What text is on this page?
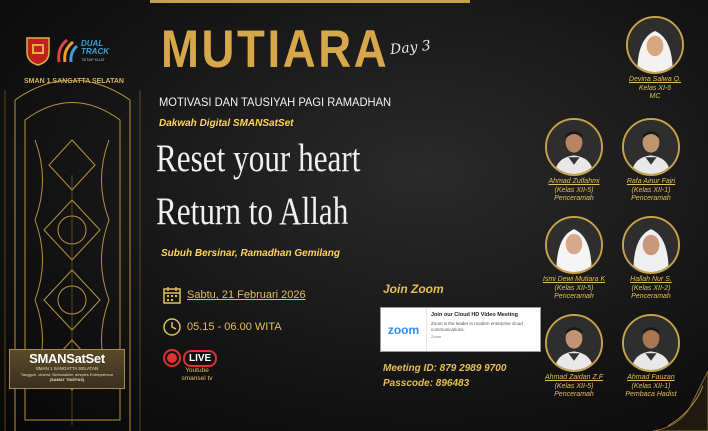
DUAL
TRACK
TETAP KUAT
SMAN 1 SANGATTA SELATAN
SMANSatSet
SMAN 1 SANGATTA SELATAN
Tangguh, cinerst, Berkarakter, desytes Entrepreneur
(SAMAT TIKEPAS)
MUTIARA Day 3
MOTIVASI DAN TAUSIYAH PAGI RAMADHAN
Dakwah Digital SMANSatSet
Reset your heart
Return to Allah
Subuh Bersinar, Ramadhan Gemilang
Sabtu, 21 Februari 2026
05.15 - 06.00 WITA
LIVE
Youtube
smansel tv
Join Zoom
zoom
Join our Cloud HD Video Meeting
Zoom is the leader in modern enterprise cloud communications.
Zoom
Meeting ID: 879 2989 9700
Passcode: 896483
Devina Salwa Q.
Kelas XI-6
MC
Ahmad Zulfahmi
(Kelas XII-5)
Penceramah
Rafa Ainur Fajri
(Kelas XII-1)
Penceramah
Ismi Dewi Mutiara K
(Kelas XII-5)
Penceramah
Hallah Nur S.
(Kelas XII-2)
Penceramah
Ahmad Zaidan Z.F
(Kelas XII-5)
Penceramah
Ahmad Fauzan
(Kelas XII-1)
Pembaca Hadist
